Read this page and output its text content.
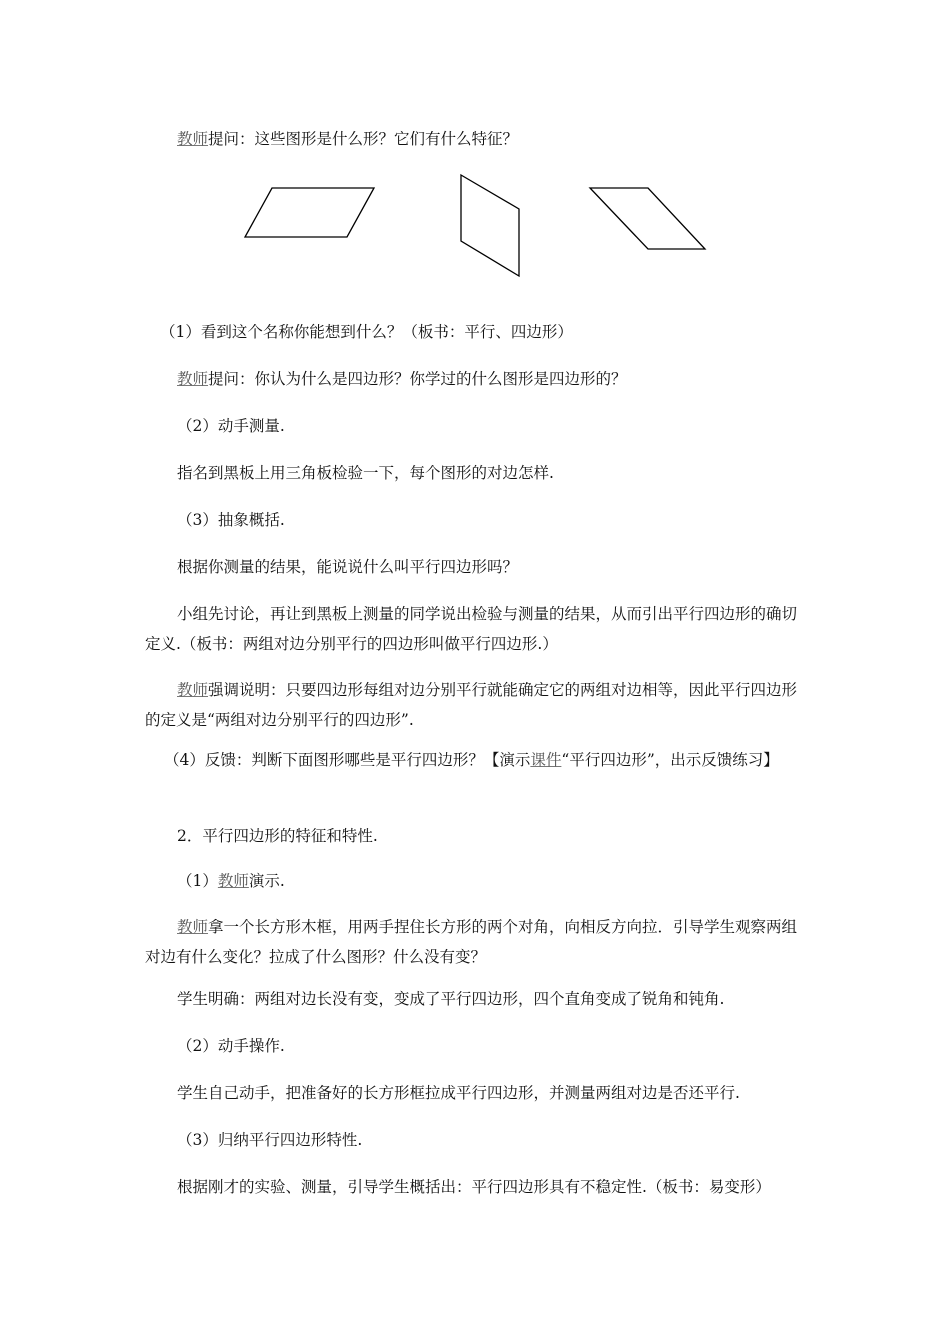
教师提问：这些图形是什么形？它们有什么特征？
（1）看到这个名称你能想到什么？（板书：平行、四边形）
教师提问：你认为什么是四边形？你学过的什么图形是四边形的？
（2）动手测量.
指名到黑板上用三角板检验一下，每个图形的对边怎样.
（3）抽象概括.
根据你测量的结果，能说说什么叫平行四边形吗？
小组先讨论，再让到黑板上测量的同学说出检验与测量的结果，从而引出平行四边形的确切定义.（板书：两组对边分别平行的四边形叫做平行四边形.）
教师强调说明：只要四边形每组对边分别平行就能确定它的两组对边相等，因此平行四边形的定义是“两组对边分别平行的四边形”.
（4）反馈：判断下面图形哪些是平行四边形？【演示课件“平行四边形”，出示反馈练习】
2．平行四边形的特征和特性.
（1）教师演示.
教师拿一个长方形木框，用两手捏住长方形的两个对角，向相反方向拉．引导学生观察两组对边有什么变化？拉成了什么图形？什么没有变？
学生明确：两组对边长没有变，变成了平行四边形，四个直角变成了锐角和钝角.
（2）动手操作.
学生自己动手，把准备好的长方形框拉成平行四边形，并测量两组对边是否还平行.
（3）归纳平行四边形特性.
根据刚才的实验、测量，引导学生概括出：平行四边形具有不稳定性.（板书：易变形）
